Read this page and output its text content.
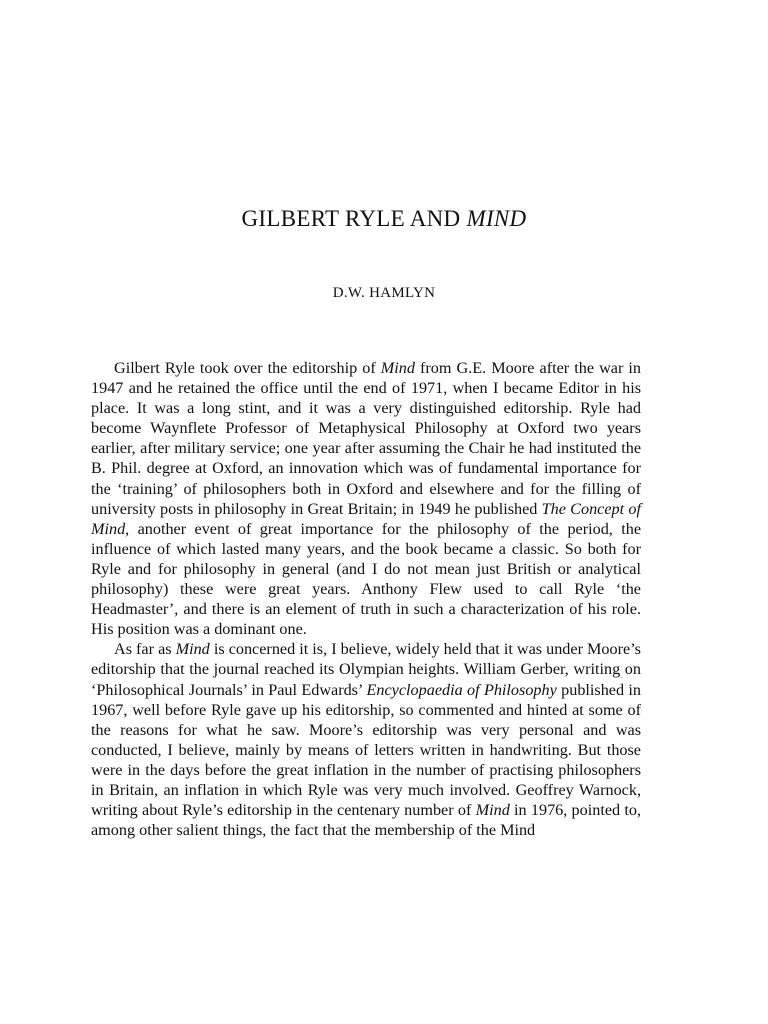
GILBERT RYLE AND MIND

D.W. HAMLYN

Gilbert Ryle took over the editorship of Mind from G.E. Moore after the war in 1947 and he retained the office until the end of 1971, when I became Editor in his place. It was a long stint, and it was a very distinguished editorship. Ryle had become Waynflete Professor of Metaphysical Philosophy at Oxford two years earlier, after military service; one year after assuming the Chair he had instituted the B. Phil. degree at Oxford, an innovation which was of fundamental importance for the ‘training’ of philosophers both in Oxford and elsewhere and for the filling of university posts in philosophy in Great Britain; in 1949 he published The Concept of Mind, another event of great importance for the philosophy of the period, the influence of which lasted many years, and the book became a classic. So both for Ryle and for philosophy in general (and I do not mean just British or analytical philosophy) these were great years. Anthony Flew used to call Ryle ‘the Headmaster’, and there is an element of truth in such a characterization of his role. His position was a dominant one.

As far as Mind is concerned it is, I believe, widely held that it was under Moore’s editorship that the journal reached its Olympian heights. William Gerber, writing on ‘Philosophical Journals’ in Paul Edwards’ Encyclopaedia of Philosophy published in 1967, well before Ryle gave up his editorship, so commented and hinted at some of the reasons for what he saw. Moore’s editorship was very personal and was conducted, I believe, mainly by means of letters written in handwriting. But those were in the days before the great inflation in the number of practising philosophers in Britain, an inflation in which Ryle was very much involved. Geoffrey Warnock, writing about Ryle’s editorship in the centenary number of Mind in 1976, pointed to, among other salient things, the fact that the membership of the Mind
